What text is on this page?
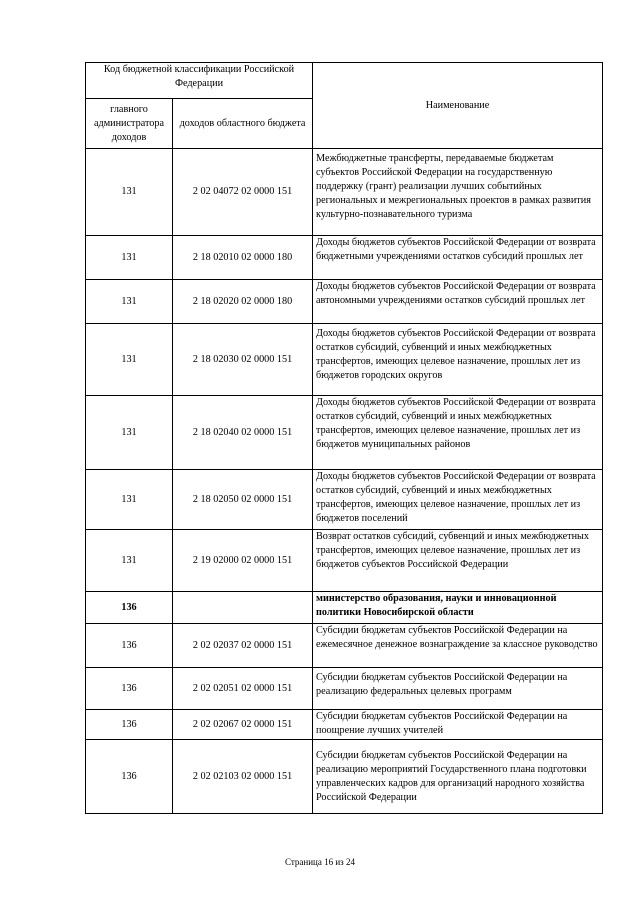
Код бюджетной классификации Российской Федерации		Наименование
главного администратора доходов	доходов областного бюджета	
131	2 02 04072 02 0000 151	Межбюджетные трансферты, передаваемые бюджетам субъектов Российской Федерации на государственную поддержку (грант) реализации лучших событийных региональных и межрегиональных проектов в рамках развития культурно-познавательного туризма
131	2 18 02010 02 0000 180	Доходы бюджетов субъектов Российской Федерации от возврата бюджетными учреждениями остатков субсидий прошлых лет
131	2 18 02020 02 0000 180	Доходы бюджетов субъектов Российской Федерации от возврата автономными учреждениями остатков субсидий прошлых лет
131	2 18 02030 02 0000 151	Доходы бюджетов субъектов Российской Федерации от возврата остатков субсидий, субвенций и иных межбюджетных трансфертов, имеющих целевое назначение, прошлых лет из бюджетов городских округов
131	2 18 02040 02 0000 151	Доходы бюджетов субъектов Российской Федерации от возврата остатков субсидий, субвенций и иных межбюджетных трансфертов, имеющих целевое назначение, прошлых лет из бюджетов муниципальных районов
131	2 18 02050 02 0000 151	Доходы бюджетов субъектов Российской Федерации от возврата остатков субсидий, субвенций и иных межбюджетных трансфертов, имеющих целевое назначение, прошлых лет из бюджетов поселений
131	2 19 02000 02 0000 151	Возврат остатков субсидий, субвенций и иных межбюджетных трансфертов, имеющих целевое назначение, прошлых лет из бюджетов субъектов Российской Федерации
136		министерство образования, науки и инновационной политики Новосибирской области
136	2 02 02037 02 0000 151	Субсидии бюджетам субъектов Российской Федерации на ежемесячное денежное вознаграждение за классное руководство
136	2 02 02051 02 0000 151	Субсидии бюджетам субъектов Российской Федерации на реализацию федеральных целевых программ
136	2 02 02067 02 0000 151	Субсидии бюджетам субъектов Российской Федерации на поощрение лучших учителей
136	2 02 02103 02 0000 151	Субсидии бюджетам субъектов Российской Федерации на реализацию мероприятий Государственного плана подготовки управленческих кадров для организаций народного хозяйства Российской Федерации
Страница 16 из 24
